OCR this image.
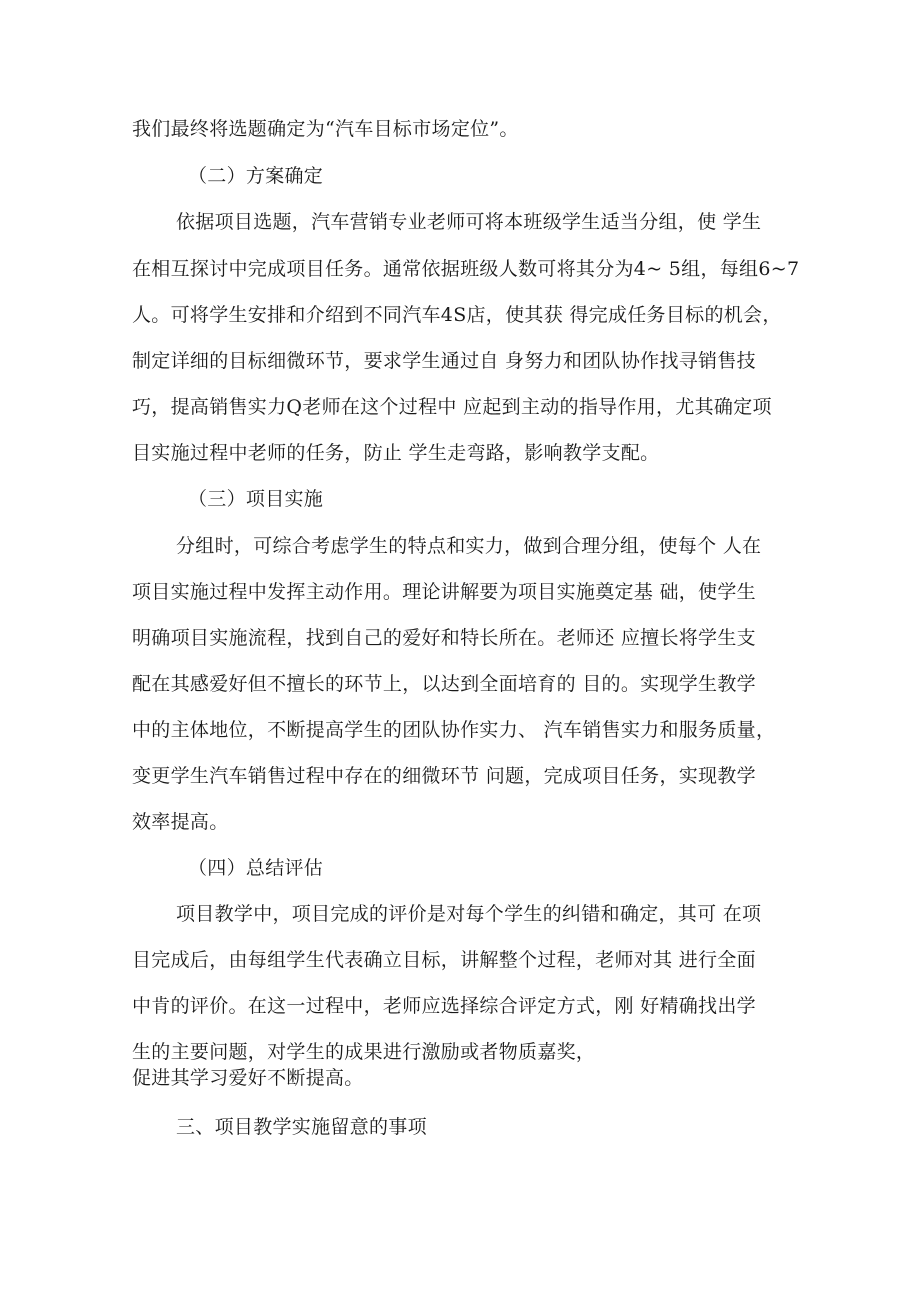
我们最终将选题确定为“汽车目标市场定位”。
（二）方案确定
依据项目选题，汽车营销专业老师可将本班级学生适当分组，使 学生
在相互探讨中完成项目任务。通常依据班级人数可将其分为4~ 5组，每组6~7
人。可将学生安排和介绍到不同汽车4S店，使其获 得完成任务目标的机会，
制定详细的目标细微环节，要求学生通过自 身努力和团队协作找寻销售技
巧，提高销售实力Q老师在这个过程中 应起到主动的指导作用，尤其确定项
目实施过程中老师的任务，防止 学生走弯路，影响教学支配。
（三）项目实施
分组时，可综合考虑学生的特点和实力，做到合理分组，使每个 人在
项目实施过程中发挥主动作用。理论讲解要为项目实施奠定基 础，使学生
明确项目实施流程，找到自己的爱好和特长所在。老师还 应擅长将学生支
配在其感爱好但不擅长的环节上，以达到全面培育的 目的。实现学生教学
中的主体地位，不断提高学生的团队协作实力、 汽车销售实力和服务质量，
变更学生汽车销售过程中存在的细微环节 问题，完成项目任务，实现教学
效率提高。
（四）总结评估
项目教学中，项目完成的评价是对每个学生的纠错和确定，其可 在项
目完成后，由每组学生代表确立目标，讲解整个过程，老师对其 进行全面
中肯的评价。在这一过程中，老师应选择综合评定方式，刚 好精确找出学
生的主要问题，对学生的成果进行激励或者物质嘉奖，
促进其学习爱好不断提高。
三、项目教学实施留意的事项
